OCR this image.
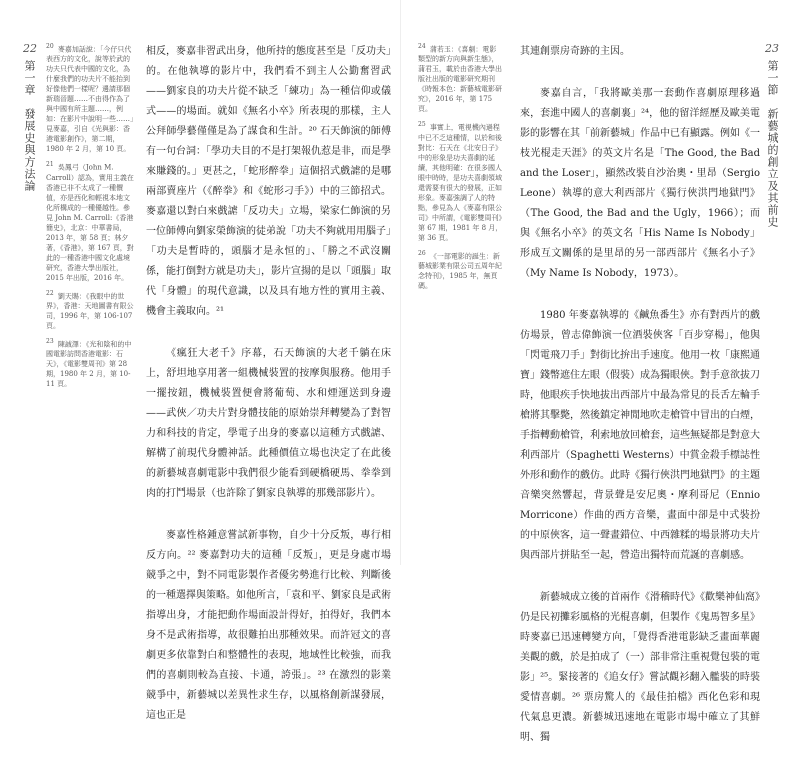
22
第一章　發展史與方法論
20 麥嘉加話說：「今仔只代表西方的文化，說等於武的功夫只代表中國的文化，為什麼我們的功夫片不能抬到好像他們一樣呢？邊請那個新瑞晉題……不由得作為了與中國有所主題……，例如：在影片中說明一些……」見麥嘉，引自《光與影：香港電影創作》，第二期，1980 年 2 月，第 10 頁。
21 吳鳳弓（John M. Carroll）認為，實用主義在香港已非不太成了一種價值，亦是西化和輕視本地文化所構成的一種優越性。參見 John M. Carroll:《香港簡史》，北京：中華書局，2013 年，第 58 頁；林夕著，《香港》，第 167 頁，對此的一種香港中國文化處境研究，香港大學出版社，2015 年出版，2016 年。
22 劉天賜：《我眼中的世界》，香港：天地圖書有限公司，1996 年，第 106-107 頁。
23 陳誠澤：《光和陰和的中國電影訪問香港電影：石天》，《電影雙周刊》第 28 期，1980 年 2 月，第 10-11 頁。

相反，麥嘉非習武出身，他所持的態度甚至是「反功夫」的。在他執導的影片中，我們看不到主人公勤奮習武——劉家良的功夫片從不缺乏「練功」為一種信仰或儀式——的場面。就如《無名小卒》所表現的那樣，主人公拜師學藝僅僅是為了謀食和生計。²⁰ 石天飾演的師傅有一句台詞：「學功夫目的不是打架報仇惹是非，而是學來賺錢的。」更甚之，「蛇形醉拳」這個招式戲謔的是哪兩部賣座片（《醉拳》和《蛇形刁手》）中的三節招式。麥嘉還以對白來戲謔「反功夫」立場，梁家仁飾演的另一位師傅向劉家榮飾演的徒弟說「功夫不夠就用用腦子」「功夫是暫時的，頭腦才是永恒的」、「勝之不武沒關係，能打倒對方就是功夫」，影片宣揚的是以「頭腦」取代「身體」的現代意識，以及具有地方性的實用主義、機會主義取向。²¹

《瘋狂大老千》序幕，石天飾演的大老千躺在床上，舒坦地享用著一組機械裝置的按摩與服務。他用手一擺按鈕，機械裝置便會將葡萄、水和煙運送到身邊——武俠／功夫片對身體技能的原始崇拜轉變為了對智力和科技的肯定，學電子出身的麥嘉以這種方式戲謔、解構了前現代身體神話。此種價值立場也決定了在此後的新藝城喜劇電影中我們很少能看到硬橋硬馬、拳拳到肉的打鬥場景（也許除了劉家良執導的那幾部影片）。

麥嘉性格鍾意嘗試新事物，自少十分反叛，專行相反方向。²² 麥嘉對功夫的這種「反叛」，更是身處市場競爭之中，對不同電影製作者優劣勢進行比較、判斷後的一種選擇與策略。如他所言，「袁和平、劉家良是武術指導出身，才能把動作場面設計得好，拍得好，我們本身不是武術指導，故很難拍出那種效果。而許冠文的喜劇更多依靠對白和整體性的表現，地域性比較強，而我們的喜劇則較為直接、卡通，誇張」。²³ 在激烈的影業競爭中，新藝城以差異性求生存，以風格創新謀發展，這也正是

23
第一節　新藝城的創立及其前史
24 蒲若玉：《喜劇：電影類型的新方向與新生態》，蒲君玉，載於由香港大學出版社出版的電影研究期刊《時報本色：新藝城電影研究》，2016 年，第 175 頁。
25 事實上，電視機內過程中已不乏這種情，以於和後對比：石天在《北安日子》中的形象是功夫喜劇的延續，其他明確：在很多國人眼中時時，是功夫喜劇領域還需要有很大的發展，正如形象。麥嘉強調了人的特點，參見為人《麥嘉有限公司》中所謂，《電影雙周刊》第 67 期，1981 年 8 月，第 36 頁。
26 《一部電影的誕生：新藝城影業有限公司五周年紀念特刊》，1985 年，無頁碼。

其連創票房奇跡的主因。

麥嘉自言，「我將歐美那一套動作喜劇原理移過來，套進中國人的喜劇裏」²⁴，他的留洋經歷及歐美電影的影響在其「前新藝城」作品中已有顯露。例如《一枝光棍走天涯》的英文片名是「The Good, the Bad and the Loser」，顯然改裝自沙治奧・里昂（Sergio Leone）執導的意大利西部片《獨行俠洪門地獄門》（The Good, the Bad and the Ugly，1966）；而與《無名小卒》的英文名「His Name Is Nobody」形成互文關係的是里昂的另一部西部片《無名小子》（My Name Is Nobody，1973）。

1980 年麥嘉執導的《鹹魚番生》亦有對西片的戲仿場景，曾志偉飾演一位酒裝俠客「百步穿楊」，他與「閃電飛刀手」對街比拚出手速度。他用一枚「康熙通寶」錢幣遮住左眼（假裝）成為獨眼俠。對手意欲拔刀時，他眼疾手快地拔出西部片中最為常見的長舌左輪手槍將其擊斃，然後鎮定神閒地吹走槍管中冒出的白煙，手指轉動槍管，利索地放回槍套，這些無疑都是對意大利西部片（Spaghetti Westerns）中賞金殺手標誌性外形和動作的戲仿。此時《獨行俠洪門地獄門》的主題音樂突然響起，背景聲是安尼奧・摩利哥尼（Ennio Morricone）作曲的西方音樂，畫面中卻是中式裝扮的中原俠客，這一聲畫錯位、中西雜糅的場景將功夫片與西部片拼貼至一起，營造出獨特而荒誕的喜劇感。

新藝城成立後的首兩作《滑稽時代》《歡樂神仙窩》仍是民初攤彩風格的光棍喜劇，但製作《鬼馬智多星》時麥嘉已迅速轉變方向，「覺得香港電影缺乏畫面華麗美觀的戲，於是拍成了（一）部非常注重視覺包裝的電影」²⁵。緊接著的《追女仔》嘗試觀衫翻入艦裝的時裝愛情喜劇。²⁶ 票房驚人的《最佳拍檔》西化色彩和現代氣息更濃。新藝城迅速地在電影市場中確立了其鮮明、獨
